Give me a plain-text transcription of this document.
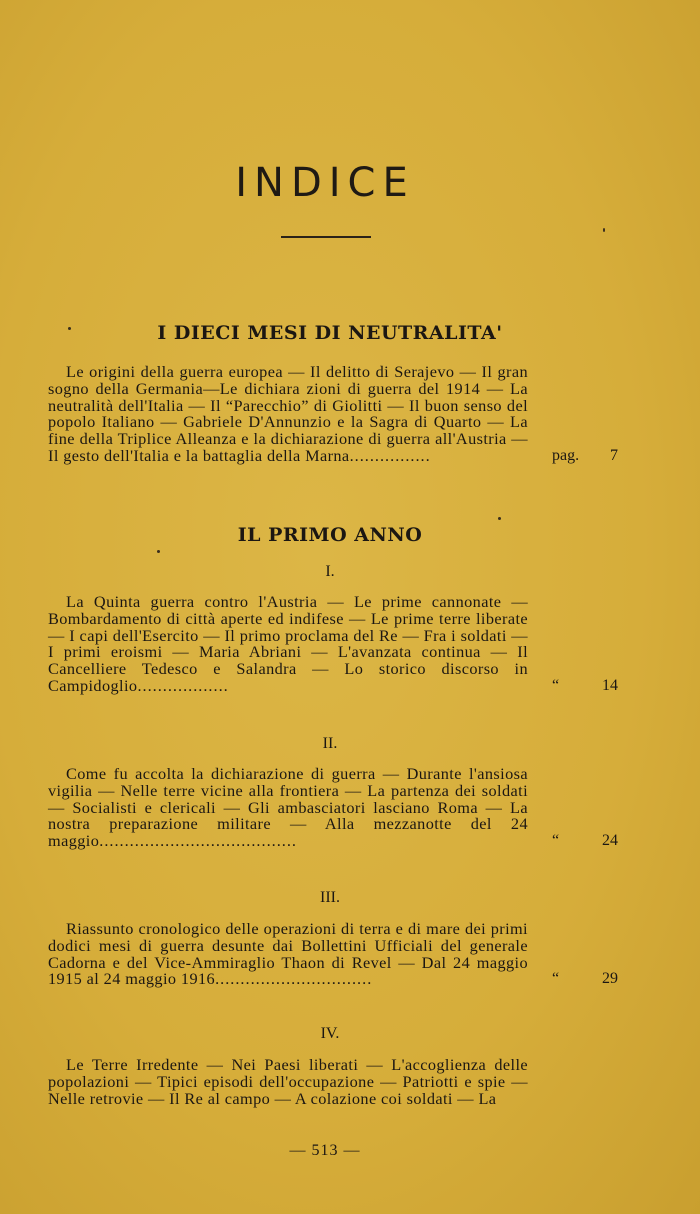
INDICE
I DIECI MESI DI NEUTRALITA'
Le origini della guerra europea — Il delitto di Serajevo — Il gran sogno della Germania—Le dichiara zioni di guerra del 1914 — La neutralità dell'Italia — Il “Parecchio” di Giolitti — Il buon senso del popolo Italiano — Gabriele D'Annunzio e la Sagra di Quarto — La fine della Triplice Alleanza e la dichiarazione di guerra all'Austria — Il gesto dell'Italia e la battaglia della Marna................	pag. 7
IL PRIMO ANNO
I.
La Quinta guerra contro l'Austria — Le prime cannonate — Bombardamento di città aperte ed indifese — Le prime terre liberate — I capi dell'Esercito — Il primo proclama del Re — Fra i soldati — I primi eroismi — Maria Abriani — L'avanzata continua — Il Cancelliere Tedesco e Salandra — Lo storico discorso in Campidoglio..................	“	14
II.
Come fu accolta la dichiarazione di guerra — Durante l'ansiosa vigilia — Nelle terre vicine alla frontiera — La partenza dei soldati — Socialisti e clericali — Gli ambasciatori lasciano Roma — La nostra preparazione militare — Alla mezzanotte del 24 maggio.......................................	“	24
III.
Riassunto cronologico delle operazioni di terra e di mare dei primi dodici mesi di guerra desunte dai Bollettini Ufficiali del generale Cadorna e del Vice-Ammiraglio Thaon di Revel — Dal 24 maggio 1915 al 24 maggio 1916...............................	“	29
IV.
Le Terre Irredente — Nei Paesi liberati — L'accoglienza delle popolazioni — Tipici episodi dell'occupazione — Patriotti e spie — Nelle retrovie — Il Re al campo — A colazione coi soldati — La
— 513 —
